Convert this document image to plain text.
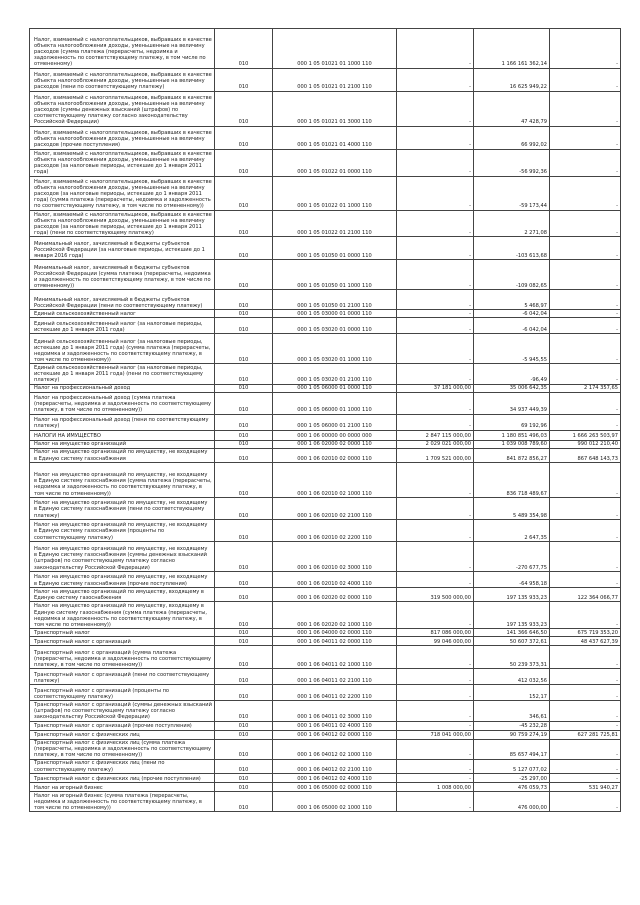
Налог, взимаемый с налогоплательщиков, выбравших в качестве объекта налогообложения доходы, уменьшенные на величину расходов (сумма платежа (перерасчеты, недоимка и задолженность по соответствующему платежу, в том числе по отмененному)	010	000 1 05 01021 01 1000 110	-	1 166 161 362,14	-
Налог, взимаемый с налогоплательщиков, выбравших в качестве объекта налогообложения доходы, уменьшенные на величину расходов (пени по соответствующему платежу)	010	000 1 05 01021 01 2100 110	-	16 625 949,22	-
Налог, взимаемый с налогоплательщиков, выбравших в качестве объекта налогообложения доходы, уменьшенные на величину расходов (суммы денежных взысканий (штрафов) по соответствующему платежу согласно законодательству Российской Федерации)	010	000 1 05 01021 01 3000 110	-	47 428,79	-
Налог, взимаемый с налогоплательщиков, выбравших в качестве объекта налогообложения доходы, уменьшенные на величину расходов (прочие поступления)	010	000 1 05 01021 01 4000 110	-	66 992,02	-
Налог, взимаемый с налогоплательщиков, выбравших в качестве объекта налогообложения доходы, уменьшенные на величину расходов (за налоговые периоды, истекшие до 1 января 2011 года)	010	000 1 05 01022 01 0000 110	-	-56 992,36	-
Налог, взимаемый с налогоплательщиков, выбравших в качестве объекта налогообложения доходы, уменьшенные на величину расходов (за налоговые периоды, истекшие до 1 января 2011 года) (сумма платежа (перерасчеты, недоимка и задолженность по соответствующему платежу, в том числе по отмененному))	010	000 1 05 01022 01 1000 110	-	-59 173,44	-
Налог, взимаемый с налогоплательщиков, выбравших в качестве объекта налогообложения доходы, уменьшенные на величину расходов (за налоговые периоды, истекшие до 1 января 2011 года) (пени по соответствующему платежу)	010	000 1 05 01022 01 2100 110	-	2 271,08	-
Минимальный налог, зачисляемый в бюджеты субъектов Российской Федерации (за налоговые периоды, истекшие до 1 января 2016 года)	010	000 1 05 01050 01 0000 110	-	-103 613,68	-
Минимальный налог, зачисляемый в бюджеты субъектов Российской Федерации (сумма платежа (перерасчеты, недоимка и задолженность по соответствующему платежу, в том числе по отмененному))	010	000 1 05 01050 01 1000 110	-	-109 082,65	-
Минимальный налог, зачисляемый в бюджеты субъектов Российской Федерации (пени по соответствующему платежу)	010	000 1 05 01050 01 2100 110	-	5 468,97	-
Единый сельскохозяйственный налог	010	000 1 05 03000 01 0000 110	-	-6 042,04	-
Единый сельскохозяйственный налог (за налоговые периоды, истекшие до 1 января 2011 года)	010	000 1 05 03020 01 0000 110	-	-6 042,04	-
Единый сельскохозяйственный налог (за налоговые периоды, истекшие до 1 января 2011 года) (сумма платежа (перерасчеты, недоимка и задолженность по соответствующему платежу, в том числе по отмененному))	010	000 1 05 03020 01 1000 110	-	-5 945,55	-
Единый сельскохозяйственный налог (за налоговые периоды, истекшие до 1 января 2011 года) (пени по соответствующему платежу)	010	000 1 05 03020 01 2100 110	-	-96,49	-
Налог на профессиональный доход	010	000 1 05 06000 01 0000 110	37 181 000,00	35 006 642,35	2 174 357,65
Налог на профессиональный доход (сумма платежа (перерасчеты, недоимка и задолженность по соответствующему платежу, в том числе по отмененному))	010	000 1 05 06000 01 1000 110	-	34 937 449,39	-
Налог на профессиональный доход (пени по соответствующему платежу)	010	000 1 05 06000 01 2100 110	-	69 192,96	-
НАЛОГИ НА ИМУЩЕСТВО	010	000 1 06 00000 00 0000 000	2 847 115 000,00	1 180 851 496,03	1 666 263 503,97
Налог на имущество организаций	010	000 1 06 02000 02 0000 110	2 029 021 000,00	1 039 008 789,60	990 012 210,40
Налог на имущество организаций по имуществу, не входящему в Единую систему газоснабжения	010	000 1 06 02010 02 0000 110	1 709 521 000,00	841 872 856,27	867 648 143,73
Налог на имущество организаций по имуществу, не входящему в Единую систему газоснабжения (сумма платежа (перерасчеты, недоимка и задолженность по соответствующему платежу, в том числе по отмененному))	010	000 1 06 02010 02 1000 110	-	836 718 489,67	-
Налог на имущество организаций по имуществу, не входящему в Единую систему газоснабжения (пени по соответствующему платежу)	010	000 1 06 02010 02 2100 110	-	5 489 354,98	-
Налог на имущество организаций по имуществу, не входящему в Единую систему газоснабжения (проценты по соответствующему платежу)	010	000 1 06 02010 02 2200 110	-	2 647,35	-
Налог на имущество организаций по имуществу, не входящему в Единую систему газоснабжения (суммы денежных взысканий (штрафов) по соответствующему платежу согласно законодательству Российской Федерации)	010	000 1 06 02010 02 3000 110	-	-270 677,75	-
Налог на имущество организаций по имуществу, не входящему в Единую систему газоснабжения (прочие поступления)	010	000 1 06 02010 02 4000 110	-	-64 958,18	-
Налог на имущество организаций по имуществу, входящему в Единую систему газоснабжения	010	000 1 06 02020 02 0000 110	319 500 000,00	197 135 933,23	122 364 066,77
Налог на имущество организаций по имуществу, входящему в Единую систему газоснабжения (сумма платежа (перерасчеты, недоимка и задолженность по соответствующему платежу, в том числе по отмененному))	010	000 1 06 02020 02 1000 110	-	197 135 933,23	-
Транспортный налог	010	000 1 06 04000 02 0000 110	817 086 000,00	141 366 646,50	675 719 353,20
Транспортный налог с организаций	010	000 1 06 04011 02 0000 110	99 046 000,00	50 607 372,61	48 437 627,39
Транспортный налог с организаций (сумма платежа (перерасчеты, недоимка и задолженность по соответствующему платежу, в том числе по отмененному))	010	000 1 06 04011 02 1000 110	-	50 239 373,31	-
Транспортный налог с организаций (пени по соответствующему платежу)	010	000 1 06 04011 02 2100 110	-	412 032,56	-
Транспортный налог с организаций (проценты по соответствующему платежу)	010	000 1 06 04011 02 2200 110	-	152,17	-
Транспортный налог с организаций (суммы денежных взысканий (штрафов) по соответствующему платежу согласно законодательству Российской Федерации)	010	000 1 06 04011 02 3000 110	-	346,61	-
Транспортный налог с организаций (прочие поступления)	010	000 1 06 04011 02 4000 110	-	-45 232,28	-
Транспортный налог с физических лиц	010	000 1 06 04012 02 0000 110	718 041 000,00	90 759 274,19	627 281 725,81
Транспортный налог с физических лиц (сумма платежа (перерасчеты, недоимка и задолженность по соответствующему платежу, в том числе по отмененному))	010	000 1 06 04012 02 1000 110	-	85 657 494,17	-
Транспортный налог с физических лиц (пени по соответствующему платежу)	010	000 1 06 04012 02 2100 110	-	5 127 077,02	-
Транспортный налог с физических лиц (прочие поступления)	010	000 1 06 04012 02 4000 110	-	-25 297,00	-
Налог на игорный бизнес	010	000 1 06 05000 02 0000 110	1 008 000,00	476 059,73	531 940,27
Налог на игорный бизнес (сумма платежа (перерасчеты, недоимка и задолженность по соответствующему платежу, в том числе по отмененному))	010	000 1 06 05000 02 1000 110	-	476 000,00	-
